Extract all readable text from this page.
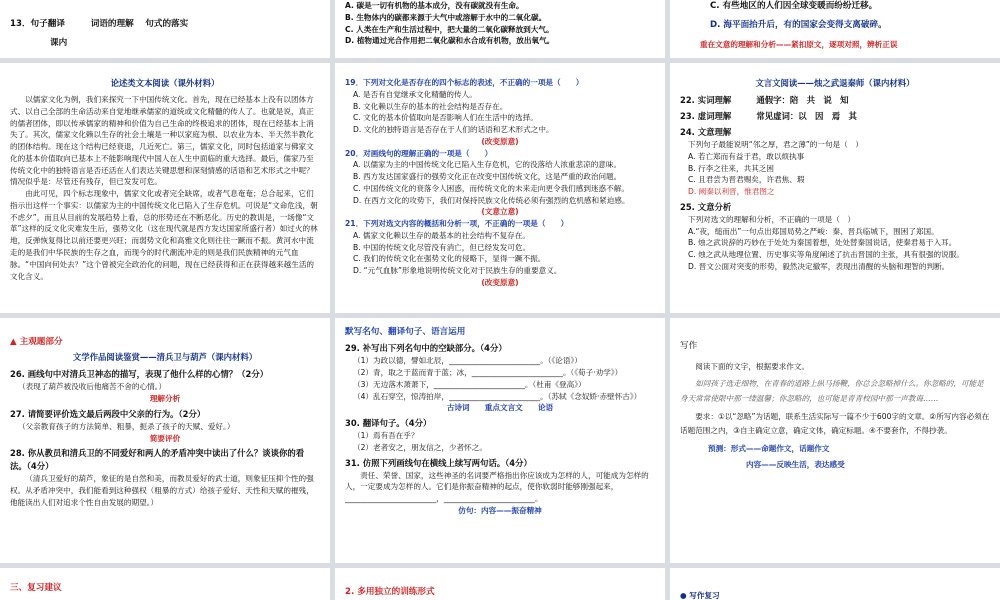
13．句子翻译　　　词语的理解　 句式的落实

课内

A. 碳是一切有机物的基本成分，没有碳就没有生命。

B. 生物体内的碳都来源于大气中或溶解于水中的二氧化碳。

C. 人类在生产和生活过程中，把大量的二氧化碳释放到大气。

D. 植物通过光合作用把二氧化碳和水合成有机物，放出氧气。

C. 有些地区的人们因全球变暖而纷纷迁移。

D. 海平面抬升后，有的国家会变得支离破碎。

重在文意的理解和分析——紧扣原文，逐项对照，辨析正误

论述类文本阅读（课外材料）

以儒家文化为例，我们来探究一下中国传统文化。首先，现在已经基本上没有以团体方式、以自己全部的生命活动来自觉地继承儒家的道统或文化精髓的传人了。也就是说，真正的儒者团体，即以传承儒家的精神和价值为自己生命的终极追求的团体，现在已经基本上消失了。其次，儒家文化赖以生存的社会土壤是一种以家庭为根、以农业为本、半天然半教化的团体结构。现在这个结构已经衰退，几近死亡。第三，儒家文化，同时包括道家与佛家文化的基本价值取向已基本上不能影响现代中国人在人生中面临的重大选择。最后，儒家乃至传统文化中的独特语言是否还活在人们表达关键思想和深刻情感的话语和艺术形式之中呢？情况似乎是：尽管还有残存，但已发发可危。

由此可见，四个标志现象中，儒家文化或者完全缺席，或者气息奄奄；总合起来，它们指示出这样一个事实：以儒家为主的中国传统文化已陷入了生存危机。可说是“文命危浅，朝不虑夕”，而且从目前的发展趋势上看，总的形势还在不断恶化。历史的教训是，一场像“文革”这样的反文化灾难发生后，强势文化（这在现代就是西方发达国家所盛行者）如过火的林地，反弹恢复得比以前还要更兴旺；而弱势文化和高雅文化则往往一蹶而不振。黄河水中流走的是我们中华民族的生存之血，而现今的时代潮流冲走的则是我们民族精神的元气血脉。“中国向何处去？”这个曾被完全政治化的问题，现在已经获得和正在获得越来越生活的文化含义。

19．下列对文化是否存在的四个标志的表述，不正确的一项是（　　）

A. 是否有自觉继承文化精髓的传人。

B. 文化赖以生存的基本的社会结构是否存在。

C. 文化的基本价值取向是否影响人们在生活中的选择。

D. 文化的独特语言是否存在于人们的话语和艺术形式之中。

(改变原意)

20．对画线句的理解正确的一项是（　　）

A. 以儒家为主的中国传统文化已陷入生存危机，它的没落给人浓重悲凉的意味。

B. 西方发达国家盛行的强势文化正在改变中国传统文化，这是严重的政治问题。

C. 中国传统文化的衰落令人困惑，而传统文化的未来走向更令我们感到迷惑不解。

D. 在西方文化的攻势下，我们对保持民族文化传统必须有强烈的危机感和紧迫感。

(文意立意)

21．下列对选文内容的概括和分析一项，不正确的一项是（　　）

A. 儒家文化赖以生存的最基本的社会结构不复存在。

B. 中国的传统文化尽管没有消亡，但已经发发可危。

C. 我们的传统文化在强势文化的侵略下，显得一蹶不振。

D. “元气血脉”形象地说明传统文化对于民族生存的重要意义。

(改变原意)

文言文阅读——烛之武退秦师（课内材料）

22. 实词理解　　　通假字：陪　共　说　知

23. 虚词理解　　　常见虚词：以　因　焉　其

24. 文意理解

下列句子最能说明“邻之厚，君之薄”的一句是（　）

A. 若亡郑而有益于君，敢以烦执事

B. 行李之往来，共其乏困

C. 且君尝为晋君赐矣，许君焦、瑕

D. 阙秦以利晋，惟君图之

25. 文意分析

下列对选文的理解和分析，不正确的一项是（　）

A.“夜，缒而出”一句点出郑国局势之严峻：秦、晋兵临城下，围困了郑国。

B. 烛之武说辞的巧妙在于处处为秦国着想，处处替秦国说话，使秦君易于入耳。

C. 烛之武从地理位置、历史事实等角度阐述了抗击晋国的主张，具有很强的说服。

D. 晋文公面对突变的形势，毅然决定撤军，表现出清醒的头脑和理智的判断。

▲ 主观题部分

文学作品阅读鉴赏——清兵卫与葫芦（课内材料）

26. 画线句中对清兵卫神态的描写，表现了他什么样的心情？（2分）

（表现了葫芦被没收后他痛苦不舍的心情。）

理解分析

27. 请简要评价选文最后两段中父亲的行为。（2分）

（父亲教育孩子的方法简单、粗暴，扼杀了孩子的天赋、爱好。）

简要评价

28. 你从教员和清兵卫的不同爱好和两人的矛盾冲突中读出了什么？谈谈你的看法。（4分）

（清兵卫爱好的葫芦，象征的是自然和美，而教员爱好的武士道，则象征压抑个性的强权。从矛盾冲突中，我们能看到这种强权（粗暴的方式）给孩子爱好、天性和天赋的摧残，他能读出人们对追求个性自由发展的期望。）

默写名句、翻译句子、语言运用

29. 补写出下列名句中的空缺部分。（4分）

（1）为政以德，譬如北辰，________________________。（《论语》）

（2）青，取之于蓝而青于蓝；冰，________________________。（《荀子·劝学》）

（3）无边落木萧萧下，________________________。（杜甫《登高》）

（4）乱石穿空，惊涛拍岸，________________________。（苏轼《念奴娇·赤壁怀古》）

古诗词　　重点文言文　　论语

30. 翻译句子。（4分）

（1）焉有吾在乎？

（2）老者安之，朋友信之，少者怀之。

31. 仿照下列画线句在横线上续写两句话。（4分）

责任、荣誉、国家，这些神圣的名词要严格指出你应该成为怎样的人，可能成为怎样的人，一定要成为怎样的人。它们是你振奋精神的起点，使你软弱时能够刚强起来，________________________，________________________。

仿句：内容——振奋精神

写作

阅读下面的文字，根据要求作文。

如同孩子选走细物，在青春的道路上纵马扬鞭，你总会忽略掉什么。你忽略的，可能是身天常常使限中那一缕温馨；你忽略的，也可能是青青校园中那一声教诲……

要求：①以“忽略”为话题，联系生活实际写一篇不少于600字的文章。②所写内容必须在话题范围之内，③自主确定立意，确定文体，确定标题。④不要套作，不得抄袭。

预测：形式——命题作文，话题作文

内容——反映生活，表达感受

三、复习建议	2. 多用独立的训练形式	● 写作复习
